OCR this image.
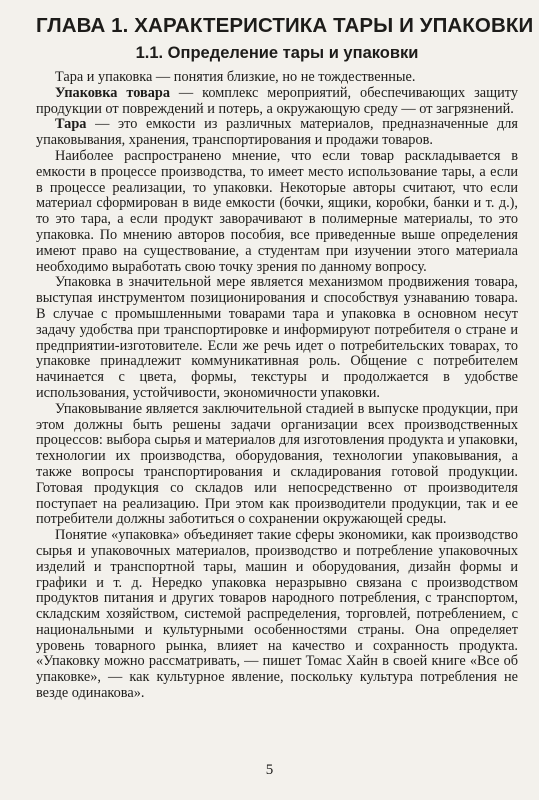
ГЛАВА 1. ХАРАКТЕРИСТИКА ТАРЫ И УПАКОВКИ
1.1. Определение тары и упаковки

Тара и упаковка — понятия близкие, но не тождественные.

Упаковка товара — комплекс мероприятий, обеспечивающих защиту продукции от повреждений и потерь, а окружающую среду — от загрязнений.

Тара — это емкости из различных материалов, предназначенные для упаковывания, хранения, транспортирования и продажи товаров.

Наиболее распространено мнение, что если товар раскладывается в емкости в процессе производства, то имеет место использование тары, а если в процессе реализации, то упаковки. Некоторые авторы считают, что если материал сформирован в виде емкости (бочки, ящики, коробки, банки и т. д.), то это тара, а если продукт заворачивают в полимерные материалы, то это упаковка. По мнению авторов пособия, все приведенные выше определения имеют право на существование, а студентам при изучении этого материала необходимо выработать свою точку зрения по данному вопросу.

Упаковка в значительной мере является механизмом продвижения товара, выступая инструментом позиционирования и способствуя узнаванию товара. В случае с промышленными товарами тара и упаковка в основном несут задачу удобства при транспортировке и информируют потребителя о стране и предприятии-изготовителе. Если же речь идет о потребительских товарах, то упаковке принадлежит коммуникативная роль. Общение с потребителем начинается с цвета, формы, текстуры и продолжается в удобстве использования, устойчивости, экономичности упаковки.

Упаковывание является заключительной стадией в выпуске продукции, при этом должны быть решены задачи организации всех производственных процессов: выбора сырья и материалов для изготовления продукта и упаковки, технологии их производства, оборудования, технологии упаковывания, а также вопросы транспортирования и складирования готовой продукции. Готовая продукция со складов или непосредственно от производителя поступает на реализацию. При этом как производители продукции, так и ее потребители должны заботиться о сохранении окружающей среды.

Понятие «упаковка» объединяет такие сферы экономики, как производство сырья и упаковочных материалов, производство и потребление упаковочных изделий и транспортной тары, машин и оборудования, дизайн формы и графики и т. д. Нередко упаковка неразрывно связана с производством продуктов питания и других товаров народного потребления, с транспортом, складским хозяйством, системой распределения, торговлей, потреблением, с национальными и культурными особенностями страны. Она определяет уровень товарного рынка, влияет на качество и сохранность продукта. «Упаковку можно рассматривать, — пишет Томас Хайн в своей книге «Все об упаковке», — как культурное явление, поскольку культура потребления не везде одинакова».

5
